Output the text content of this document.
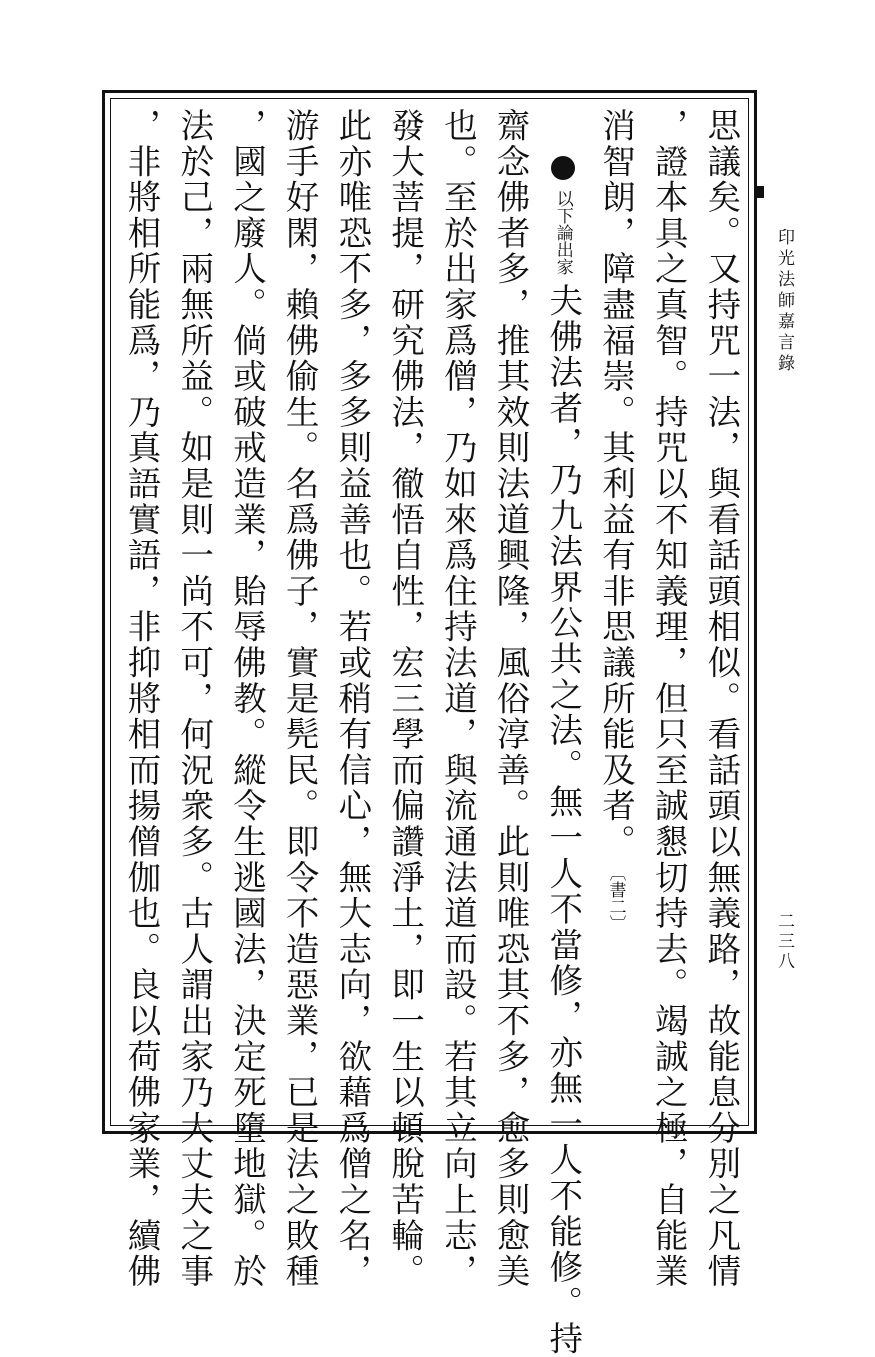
印光法師嘉言錄
二三八

思議矣。又持咒一法，與看話頭相似。看話頭以無義路，故能息分別之凡情

，證本具之真智。持咒以不知義理，但只至誠懇切持去。竭誠之極，自能業

消智朗，障盡福崇。其利益有非思議所能及者。〔書二〕

以下論出家夫佛法者，乃九法界公共之法。無一人不當修，亦無一人不能修。持

齋念佛者多，推其效則法道興隆，風俗淳善。此則唯恐其不多，愈多則愈美

也。至於出家爲僧，乃如來爲住持法道，與流通法道而設。若其立向上志，

發大菩提，研究佛法，徹悟自性，宏三學而偏讚淨土，即一生以頓脫苦輪。

此亦唯恐不多，多多則益善也。若或稍有信心，無大志向，欲藉爲僧之名，

游手好閑，賴佛偷生。名爲佛子，實是髡民。即令不造惡業，已是法之敗種

，國之廢人。倘或破戒造業，貽辱佛教。縱令生逃國法，決定死墮地獄。於

法於己，兩無所益。如是則一尚不可，何況衆多。古人謂出家乃大丈夫之事

，非將相所能爲，乃真語實語，非抑將相而揚僧伽也。良以荷佛家業，續佛
